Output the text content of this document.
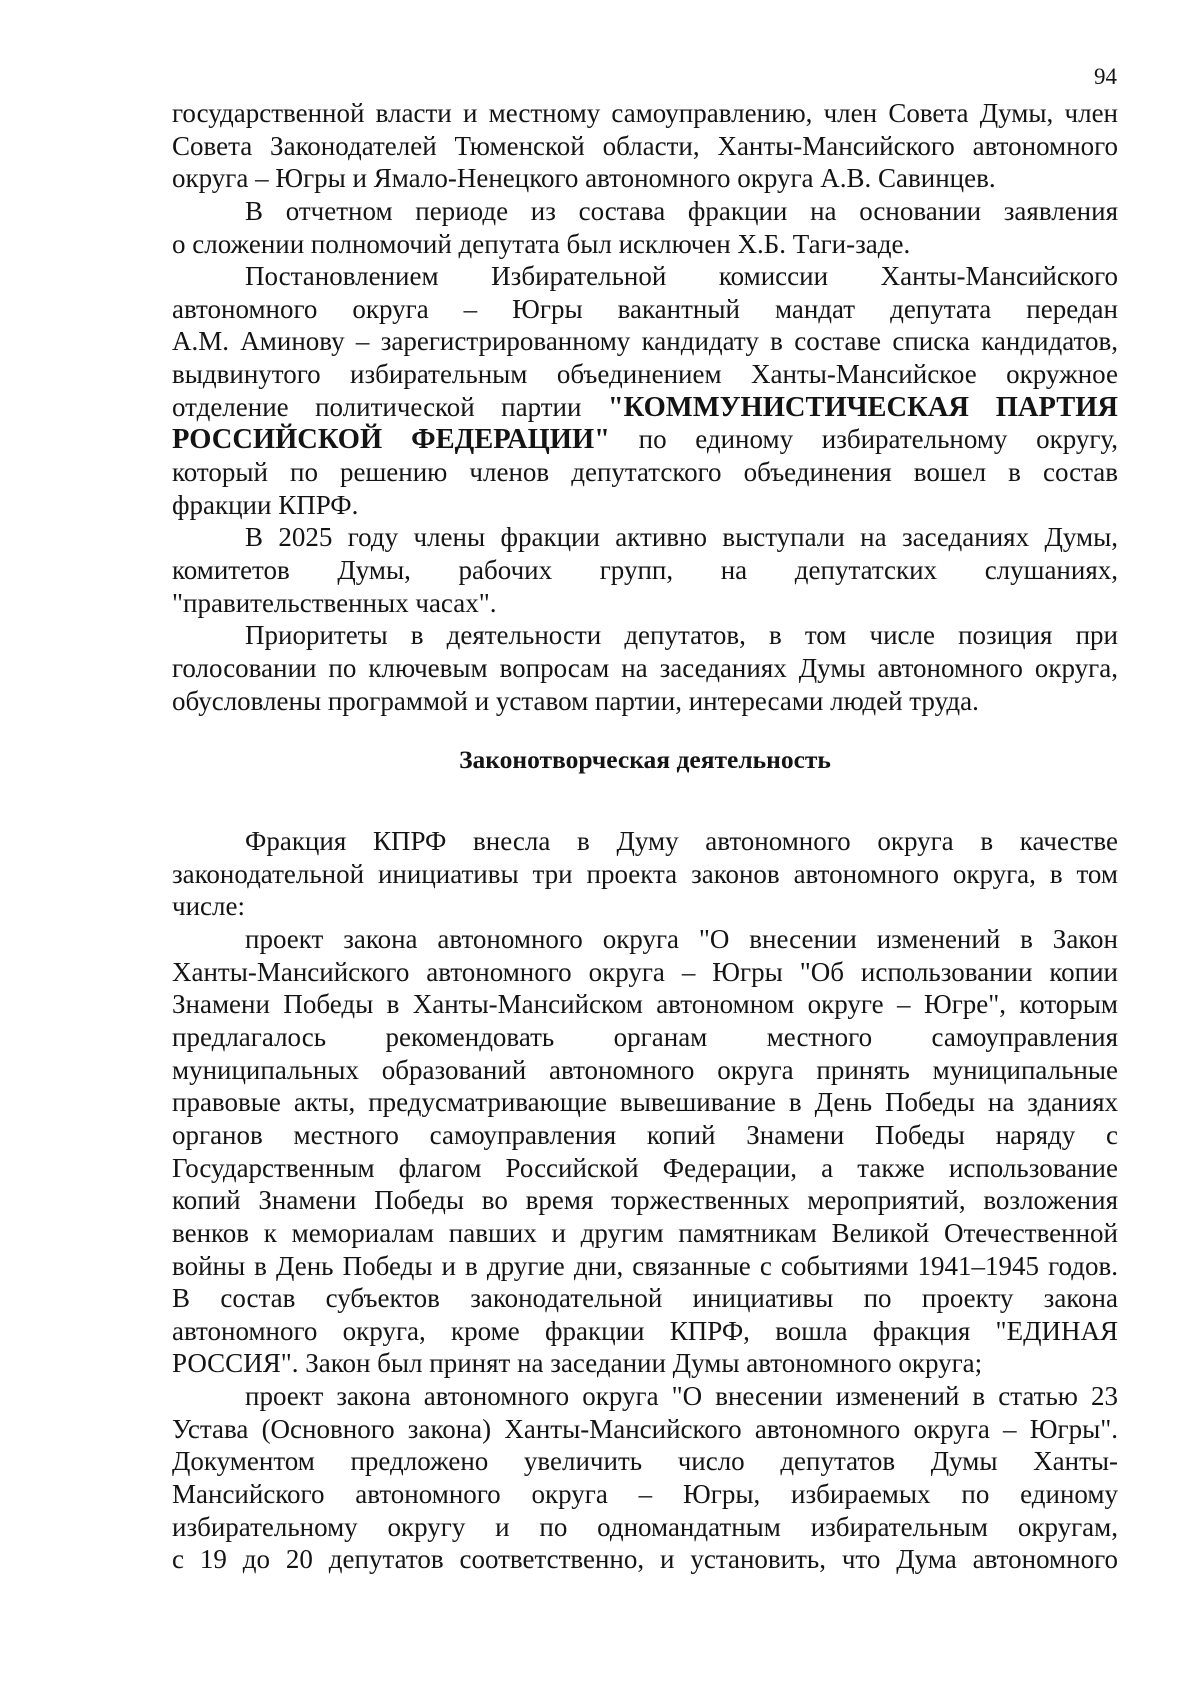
94
государственной власти и местному самоуправлению, член Совета Думы, член
Совета Законодателей Тюменской области, Ханты-Мансийского автономного
округа – Югры и Ямало-Ненецкого автономного округа А.В. Савинцев.
В отчетном периоде из состава фракции на основании заявления
о сложении полномочий депутата был исключен Х.Б. Таги-заде.
Постановлением Избирательной комиссии Ханты-Мансийского
автономного округа – Югры вакантный мандат депутата передан
А.М. Аминову – зарегистрированному кандидату в составе списка кандидатов,
выдвинутого избирательным объединением Ханты-Мансийское окружное
отделение политической партии "КОММУНИСТИЧЕСКАЯ ПАРТИЯ
РОССИЙСКОЙ ФЕДЕРАЦИИ" по единому избирательному округу,
который по решению членов депутатского объединения вошел в состав
фракции КПРФ.
В 2025 году члены фракции активно выступали на заседаниях Думы,
комитетов Думы, рабочих групп, на депутатских слушаниях,
"правительственных часах".
Приоритеты в деятельности депутатов, в том числе позиция при
голосовании по ключевым вопросам на заседаниях Думы автономного округа,
обусловлены программой и уставом партии, интересами людей труда.
Законотворческая деятельность
Фракция КПРФ внесла в Думу автономного округа в качестве
законодательной инициативы три проекта законов автономного округа, в том
числе:
проект закона автономного округа "О внесении изменений в Закон
Ханты-Мансийского автономного округа – Югры "Об использовании копии
Знамени Победы в Ханты-Мансийском автономном округе – Югре", которым
предлагалось рекомендовать органам местного самоуправления
муниципальных образований автономного округа принять муниципальные
правовые акты, предусматривающие вывешивание в День Победы на зданиях
органов местного самоуправления копий Знамени Победы наряду с
Государственным флагом Российской Федерации, а также использование
копий Знамени Победы во время торжественных мероприятий, возложения
венков к мемориалам павших и другим памятникам Великой Отечественной
войны в День Победы и в другие дни, связанные с событиями 1941–1945 годов.
В состав субъектов законодательной инициативы по проекту закона
автономного округа, кроме фракции КПРФ, вошла фракция "ЕДИНАЯ
РОССИЯ". Закон был принят на заседании Думы автономного округа;
проект закона автономного округа "О внесении изменений в статью 23
Устава (Основного закона) Ханты-Мансийского автономного округа – Югры".
Документом предложено увеличить число депутатов Думы Ханты-
Мансийского автономного округа – Югры, избираемых по единому
избирательному округу и по одномандатным избирательным округам,
с 19 до 20 депутатов соответственно, и установить, что Дума автономного
